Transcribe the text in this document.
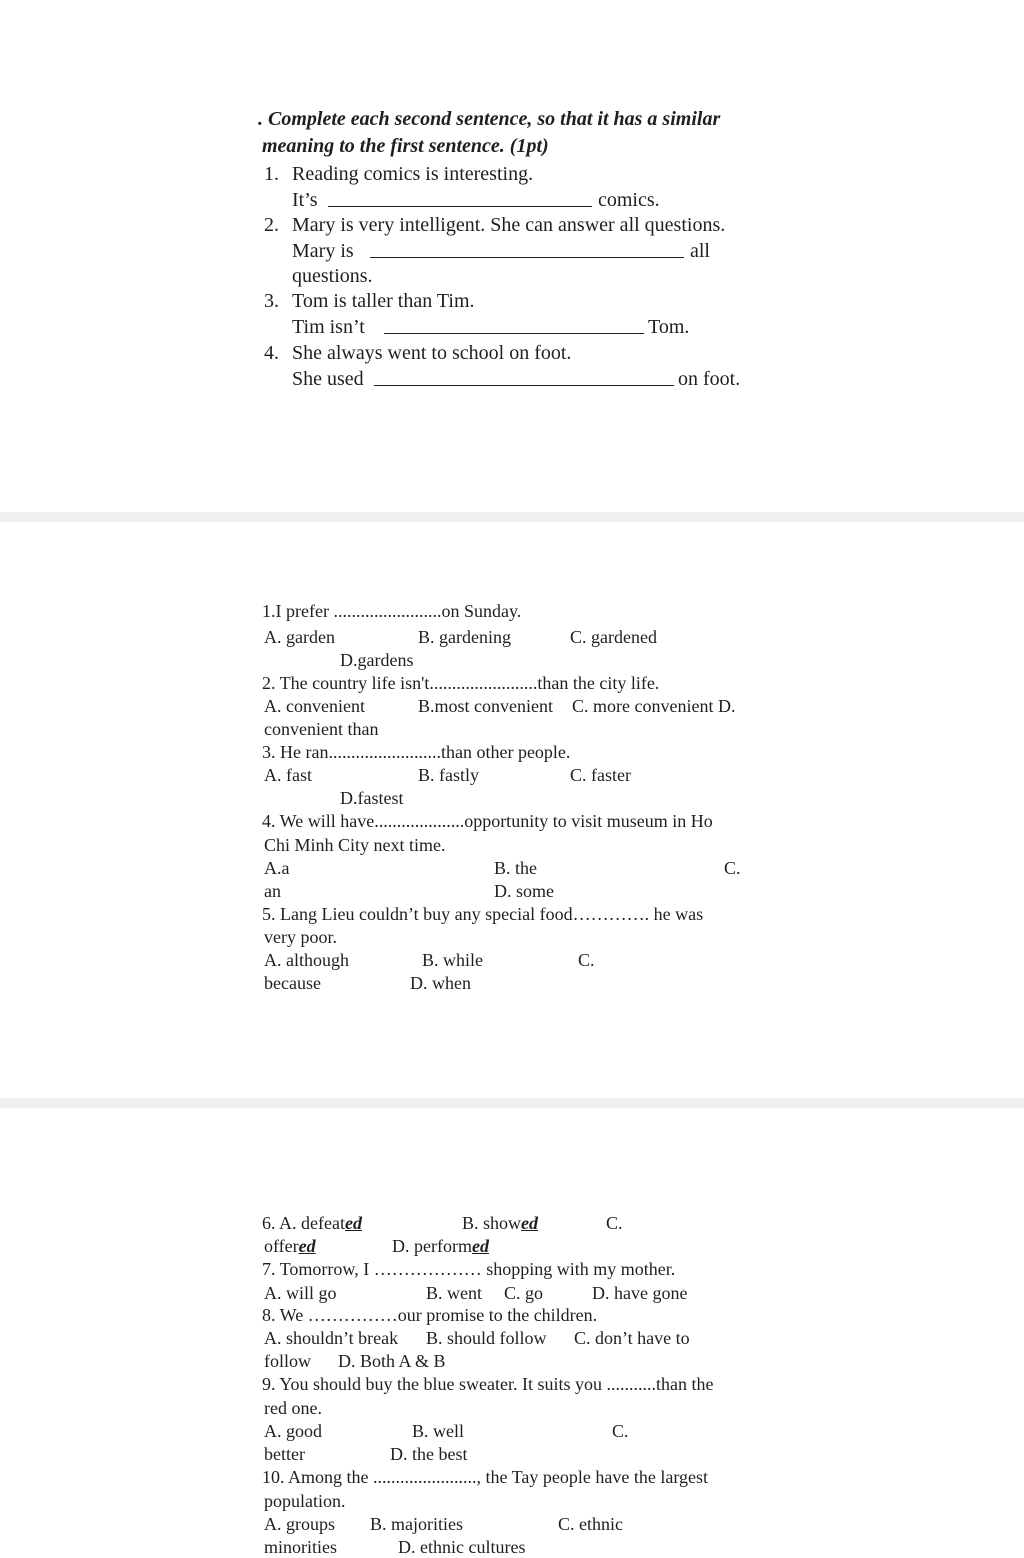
. Complete each second sentence, so that it has a similar
meaning to the first sentence. (1pt)
1. Reading comics is interesting.
It’s	comics.
2. Mary is very intelligent. She can answer all questions.
Mary is	all
questions.
3. Tom is taller than Tim.
Tim isn’t	Tom.
4. She always went to school on foot.
She used	on foot.
1.I prefer ........................on Sunday.
A. garden	B. gardening	C. gardened
D.gardens
2. The country life isn't........................than the city life.
A. convenient	B.most convenient C. more convenient D.
convenient than
3. He ran.........................than other people.
A. fast	B. fastly	C. faster
D.fastest
4. We will have....................opportunity to visit museum in Ho
Chi Minh City next time.
A.a	B. the	C.
an	D. some
5. Lang Lieu couldn’t buy any special food…………. he was
very poor.
A. although	B. while	C.
because	D. when
6. A. defeated	B. showed	C.
offered	D. performed
7. Tomorrow, I ……………… shopping with my mother.
A. will go	B. went C. go	D. have gone
8. We ……………our promise to the children.
A. shouldn’t break B. should follow C. don’t have to
follow D. Both A & B
9. You should buy the blue sweater. It suits you ...........than the
red one.
A. good	B. well	C.
better	D. the best
10. Among the ......................., the Tay people have the largest
population.
A. groups B. majorities	C. ethnic
minorities	D. ethnic cultures
